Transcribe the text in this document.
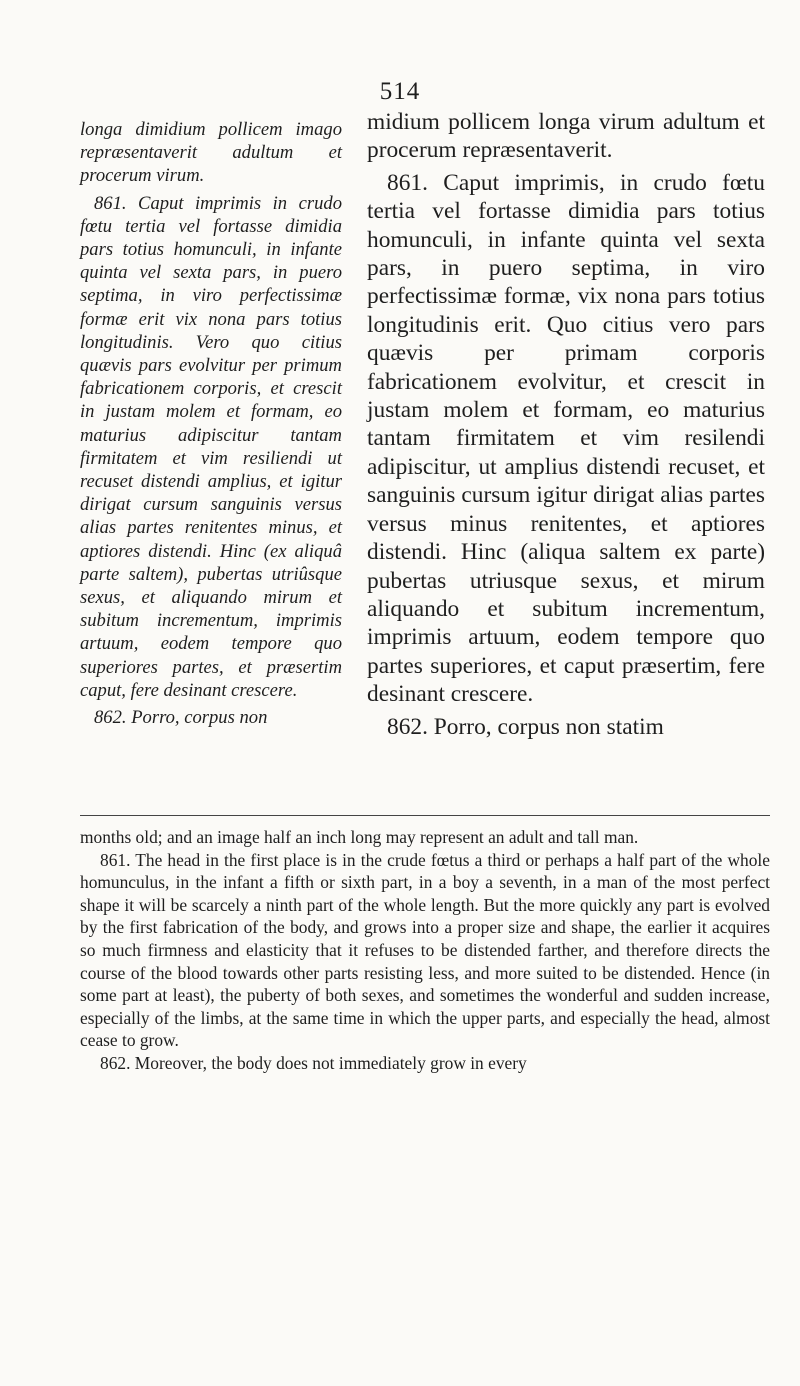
514

longa dimidium pollicem imago repræsentaverit adultum et procerum virum.

861. Caput imprimis in crudo fœtu tertia vel fortasse dimidia pars totius homunculi, in infante quinta vel sexta pars, in puero septima, in viro perfectissimæ formæ erit vix nona pars totius longitudinis. Vero quo citius quævis pars evolvitur per primum fabricationem corporis, et crescit in justam molem et formam, eo maturius adipiscitur tantam firmitatem et vim resiliendi ut recuset distendi amplius, et igitur dirigat cursum sanguinis versus alias partes renitentes minus, et aptiores distendi. Hinc (ex aliquâ parte saltem), pubertas utriûsque sexus, et aliquando mirum et subitum incrementum, imprimis artuum, eodem tempore quo superiores partes, et præsertim caput, fere desinant crescere.

862. Porro, corpus non

midium pollicem longa virum adultum et procerum repræsentaverit.

861. Caput imprimis, in crudo fœtu tertia vel fortasse dimidia pars totius homunculi, in infante quinta vel sexta pars, in puero septima, in viro perfectissimæ formæ, vix nona pars totius longitudinis erit. Quo citius vero pars quævis per primam corporis fabricationem evolvitur, et crescit in justam molem et formam, eo maturius tantam firmitatem et vim resilendi adipiscitur, ut amplius distendi recuset, et sanguinis cursum igitur dirigat alias partes versus minus renitentes, et aptiores distendi. Hinc (aliqua saltem ex parte) pubertas utriusque sexus, et mirum aliquando et subitum incrementum, imprimis artuum, eodem tempore quo partes superiores, et caput præsertim, fere desinant crescere.

862. Porro, corpus non statim

months old; and an image half an inch long may represent an adult and tall man.

861. The head in the first place is in the crude fœtus a third or perhaps a half part of the whole homunculus, in the infant a fifth or sixth part, in a boy a seventh, in a man of the most perfect shape it will be scarcely a ninth part of the whole length. But the more quickly any part is evolved by the first fabrication of the body, and grows into a proper size and shape, the earlier it acquires so much firmness and elasticity that it refuses to be distended farther, and therefore directs the course of the blood towards other parts resisting less, and more suited to be distended. Hence (in some part at least), the puberty of both sexes, and sometimes the wonderful and sudden increase, especially of the limbs, at the same time in which the upper parts, and especially the head, almost cease to grow.

862. Moreover, the body does not immediately grow in every
